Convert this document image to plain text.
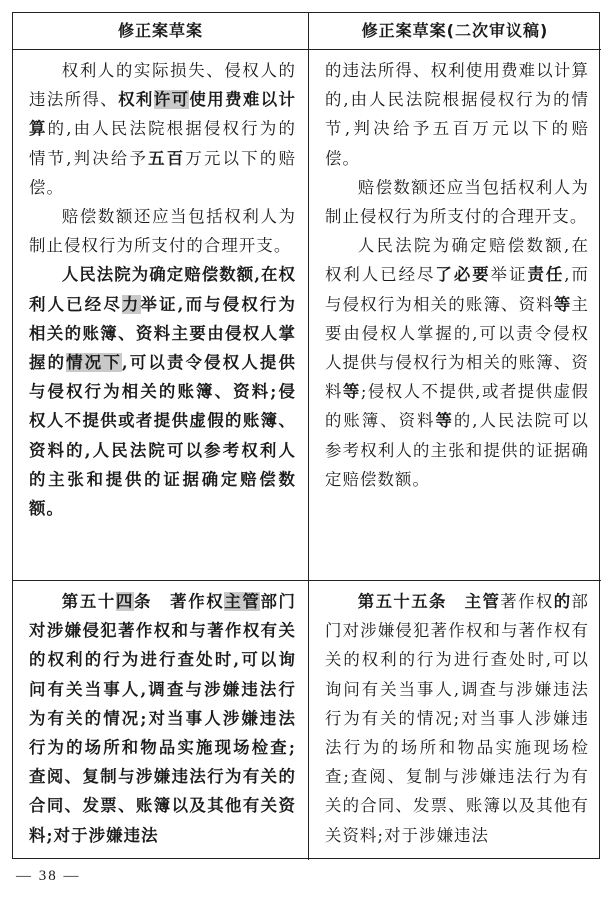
修正案草案	修正案草案(二次审议稿)

权利人的实际损失、侵权人的违法所得、权利许可使用费难以计算的,由人民法院根据侵权行为的情节,判决给予五百万元以下的赔偿。

赔偿数额还应当包括权利人为制止侵权行为所支付的合理开支。

人民法院为确定赔偿数额,在权利人已经尽力举证,而与侵权行为相关的账簿、资料主要由侵权人掌握的情况下,可以责令侵权人提供与侵权行为相关的账簿、资料;侵权人不提供或者提供虚假的账簿、资料的,人民法院可以参考权利人的主张和提供的证据确定赔偿数额。

的违法所得、权利使用费难以计算的,由人民法院根据侵权行为的情节,判决给予五百万元以下的赔偿。

赔偿数额还应当包括权利人为制止侵权行为所支付的合理开支。

人民法院为确定赔偿数额,在权利人已经尽了必要举证责任,而与侵权行为相关的账簿、资料等主要由侵权人掌握的,可以责令侵权人提供与侵权行为相关的账簿、资料等;侵权人不提供,或者提供虚假的账簿、资料等的,人民法院可以参考权利人的主张和提供的证据确定赔偿数额。

第五十四条  著作权主管部门对涉嫌侵犯著作权和与著作权有关的权利的行为进行查处时,可以询问有关当事人,调查与涉嫌违法行为有关的情况;对当事人涉嫌违法行为的场所和物品实施现场检查;查阅、复制与涉嫌违法行为有关的合同、发票、账簿以及其他有关资料;对于涉嫌违法

第五十五条  主管著作权的部门对涉嫌侵犯著作权和与著作权有关的权利的行为进行查处时,可以询问有关当事人,调查与涉嫌违法行为有关的情况;对当事人涉嫌违法行为的场所和物品实施现场检查;查阅、复制与涉嫌违法行为有关的合同、发票、账簿以及其他有关资料;对于涉嫌违法

— 38 —
